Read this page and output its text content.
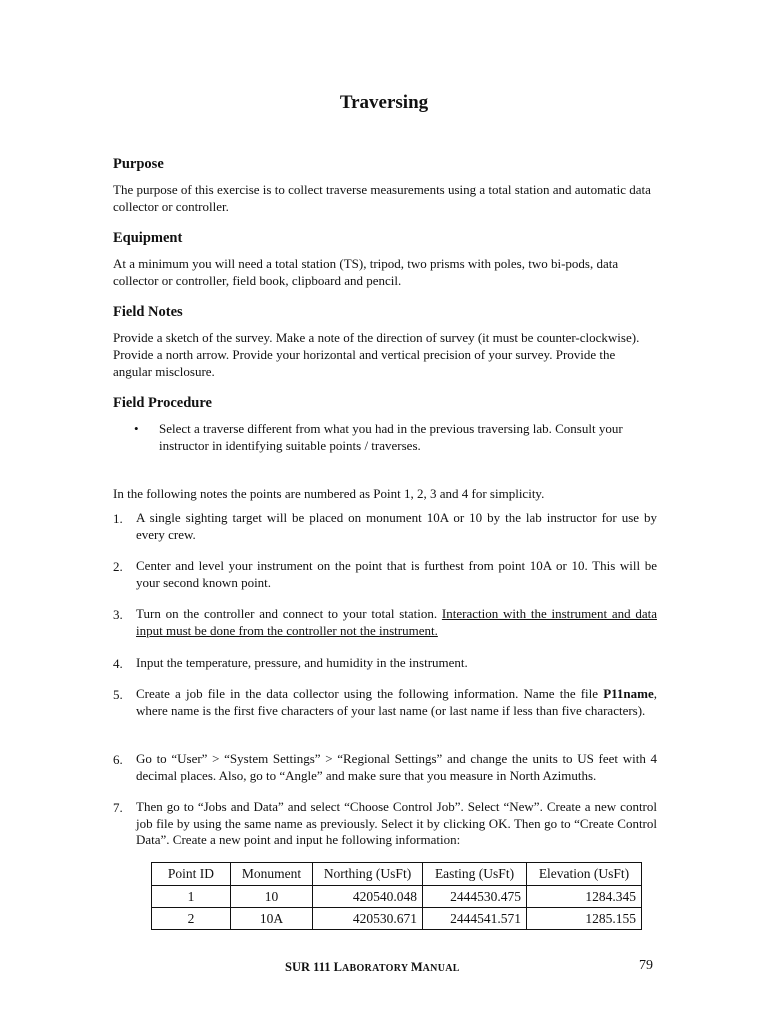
Traversing
Purpose
The purpose of this exercise is to collect traverse measurements using a total station and automatic data collector or controller.
Equipment
At a minimum you will need a total station (TS), tripod, two prisms with poles, two bi-pods, data collector or controller, field book, clipboard and pencil.
Field Notes
Provide a sketch of the survey. Make a note of the direction of survey (it must be counter-clockwise). Provide a north arrow. Provide your horizontal and vertical precision of your survey. Provide the angular misclosure.
Field Procedure
• Select a traverse different from what you had in the previous traversing lab. Consult your instructor in identifying suitable points / traverses.
In the following notes the points are numbered as Point 1, 2, 3 and 4 for simplicity.
1. A single sighting target will be placed on monument 10A or 10 by the lab instructor for use by every crew.
2. Center and level your instrument on the point that is furthest from point 10A or 10. This will be your second known point.
3. Turn on the controller and connect to your total station. Interaction with the instrument and data input must be done from the controller not the instrument.
4. Input the temperature, pressure, and humidity in the instrument.
5. Create a job file in the data collector using the following information. Name the file P11name, where name is the first five characters of your last name (or last name if less than five characters).
6. Go to “User” > “System Settings” > “Regional Settings” and change the units to US feet with 4 decimal places. Also, go to “Angle” and make sure that you measure in North Azimuths.
7. Then go to “Jobs and Data” and select “Choose Control Job”. Select “New”. Create a new control job file by using the same name as previously. Select it by clicking OK. Then go to “Create Control Data”. Create a new point and input he following information:
Point ID	Monument	Northing (UsFt)	Easting (UsFt)	Elevation (UsFt)
1	10	420540.048	2444530.475	1284.345
2	10A	420530.671	2444541.571	1285.155
SUR 111 LABORATORY MANUAL	79
